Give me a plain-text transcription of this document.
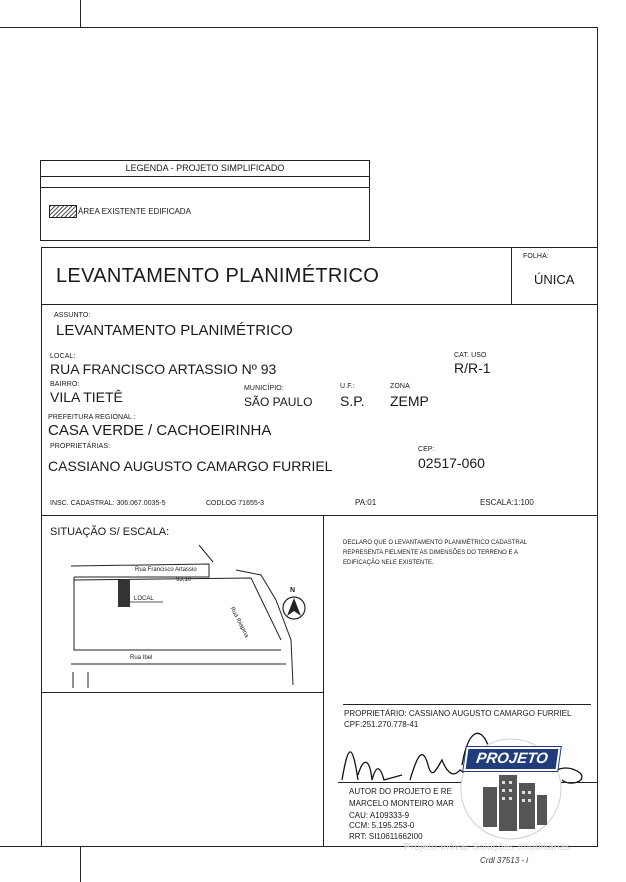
LEGENDA - PROJETO SIMPLIFICADO
ÁREA EXISTENTE EDIFICADA
LEVANTAMENTO PLANIMÉTRICO
FOLHA:
ÚNICA
ASSUNTO:
LEVANTAMENTO PLANIMÉTRICO
LOCAL:
RUA FRANCISCO ARTASSIO Nº 93
CAT. USO
R/R-1
BAIRRO:
VILA TIETÊ
MUNICÍPIO:
SÃO PAULO
U.F.:
S.P.
ZONA
ZEMP
PREFEITURA REGIONAL :
CASA VERDE / CACHOEIRINHA
PROPRIETÁRIAS:
CASSIANO AUGUSTO CAMARGO FURRIEL
CEP:
02517-060
INSC. CADASTRAL: 306.067.0035-5	CODLOG 71655-3	PA:01	ESCALA:1:100
SITUAÇÃO S/ ESCALA:
Rua Francisco Artassio
93,10
LOCAL
Rua Ibel
Rua Ibiapina
N
DECLARO QUE O LEVANTAMENTO PLANIMÉTRICO CADASTRAL
REPRESENTA FIELMENTE AS DIMENSÕES DO TERRENO E A
EDIFICAÇÃO NELE EXISTENTE.
PROPRIETÁRIO: CASSIANO AUGUSTO CAMARGO FURRIEL
CPF:251.270.778-41
AUTOR DO PROJETO E RE
MARCELO MONTEIRO MAR
CAU: A109333-9
CCM: 5.195.253-0
RRT: SI10611662I00
PROJETO
Projeto Inovar Soluções Imobiliárias
Crdl 37513 - i
